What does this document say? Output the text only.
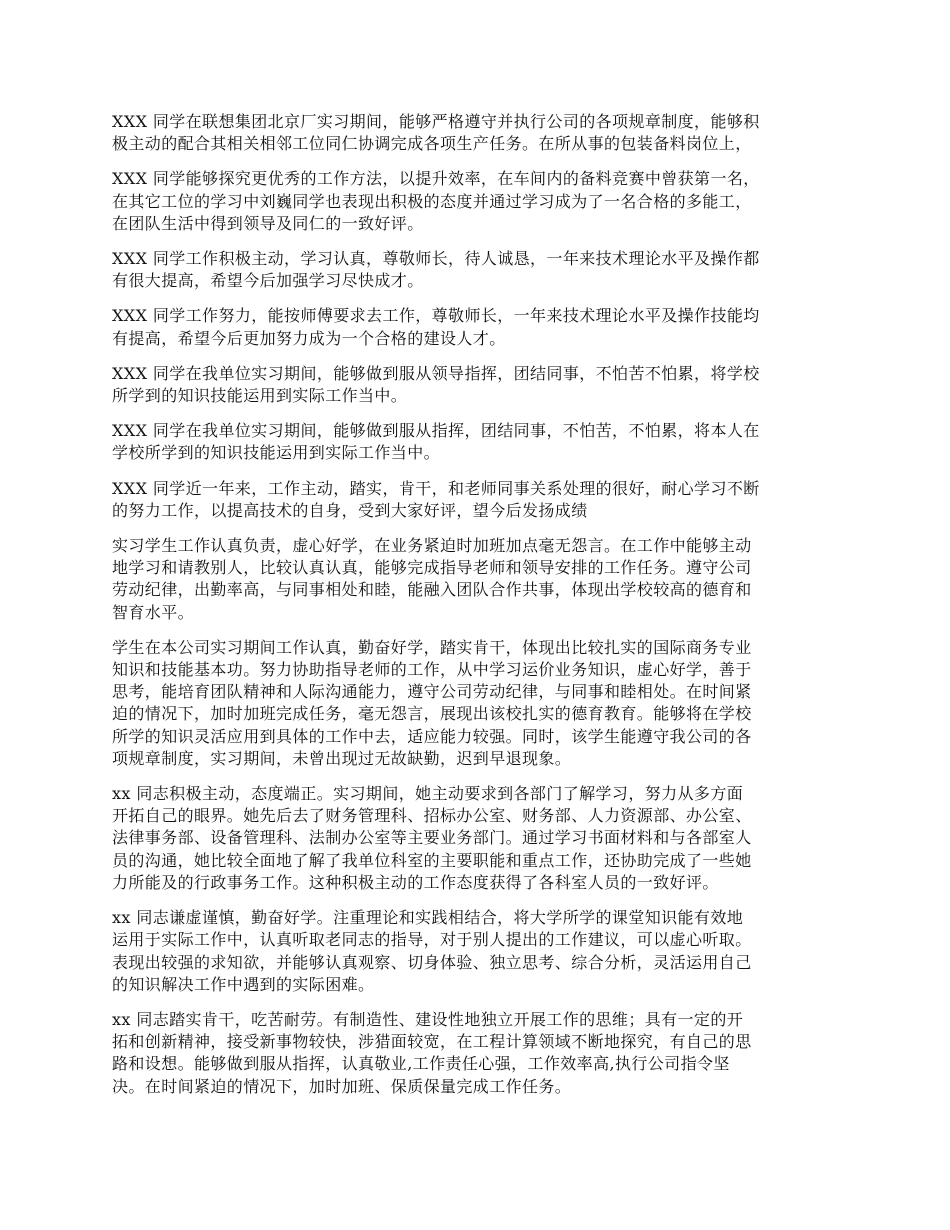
XXX 同学在联想集团北京厂实习期间，能够严格遵守并执行公司的各项规章制度，能够积
极主动的配合其相关相邻工位同仁协调完成各项生产任务。在所从事的包装备料岗位上，

XXX 同学能够探究更优秀的工作方法，以提升效率，在车间内的备料竞赛中曾获第一名，
在其它工位的学习中刘巍同学也表现出积极的态度并通过学习成为了一名合格的多能工，
在团队生活中得到领导及同仁的一致好评。

XXX 同学工作积极主动，学习认真，尊敬师长，待人诚恳，一年来技术理论水平及操作都
有很大提高，希望今后加强学习尽快成才。

XXX 同学工作努力，能按师傅要求去工作，尊敬师长，一年来技术理论水平及操作技能均
有提高，希望今后更加努力成为一个合格的建设人才。

XXX 同学在我单位实习期间，能够做到服从领导指挥，团结同事，不怕苦不怕累，将学校
所学到的知识技能运用到实际工作当中。

XXX 同学在我单位实习期间，能够做到服从指挥，团结同事，不怕苦，不怕累，将本人在
学校所学到的知识技能运用到实际工作当中。

XXX 同学近一年来，工作主动，踏实，肯干，和老师同事关系处理的很好，耐心学习不断
的努力工作，以提高技术的自身，受到大家好评，望今后发扬成绩

实习学生工作认真负责，虚心好学，在业务紧迫时加班加点毫无怨言。在工作中能够主动
地学习和请教别人，比较认真认真，能够完成指导老师和领导安排的工作任务。遵守公司
劳动纪律，出勤率高，与同事相处和睦，能融入团队合作共事，体现出学校较高的德育和
智育水平。

学生在本公司实习期间工作认真，勤奋好学，踏实肯干，体现出比较扎实的国际商务专业
知识和技能基本功。努力协助指导老师的工作，从中学习运价业务知识，虚心好学，善于
思考，能培育团队精神和人际沟通能力，遵守公司劳动纪律，与同事和睦相处。在时间紧
迫的情况下，加时加班完成任务，毫无怨言，展现出该校扎实的德育教育。能够将在学校
所学的知识灵活应用到具体的工作中去，适应能力较强。同时，该学生能遵守我公司的各
项规章制度，实习期间，未曾出现过无故缺勤，迟到早退现象。

xx 同志积极主动，态度端正。实习期间，她主动要求到各部门了解学习，努力从多方面
开拓自己的眼界。她先后去了财务管理科、招标办公室、财务部、人力资源部、办公室、
法律事务部、设备管理科、法制办公室等主要业务部门。通过学习书面材料和与各部室人
员的沟通，她比较全面地了解了我单位科室的主要职能和重点工作，还协助完成了一些她
力所能及的行政事务工作。这种积极主动的工作态度获得了各科室人员的一致好评。

xx 同志谦虚谨慎，勤奋好学。注重理论和实践相结合，将大学所学的课堂知识能有效地
运用于实际工作中，认真听取老同志的指导，对于别人提出的工作建议，可以虚心听取。
表现出较强的求知欲，并能够认真观察、切身体验、独立思考、综合分析，灵活运用自己
的知识解决工作中遇到的实际困难。

xx 同志踏实肯干，吃苦耐劳。有制造性、建设性地独立开展工作的思维；具有一定的开
拓和创新精神，接受新事物较快，涉猎面较宽，在工程计算领域不断地探究，有自己的思
路和设想。能够做到服从指挥，认真敬业,工作责任心强，工作效率高,执行公司指令坚
决。在时间紧迫的情况下，加时加班、保质保量完成工作任务。
